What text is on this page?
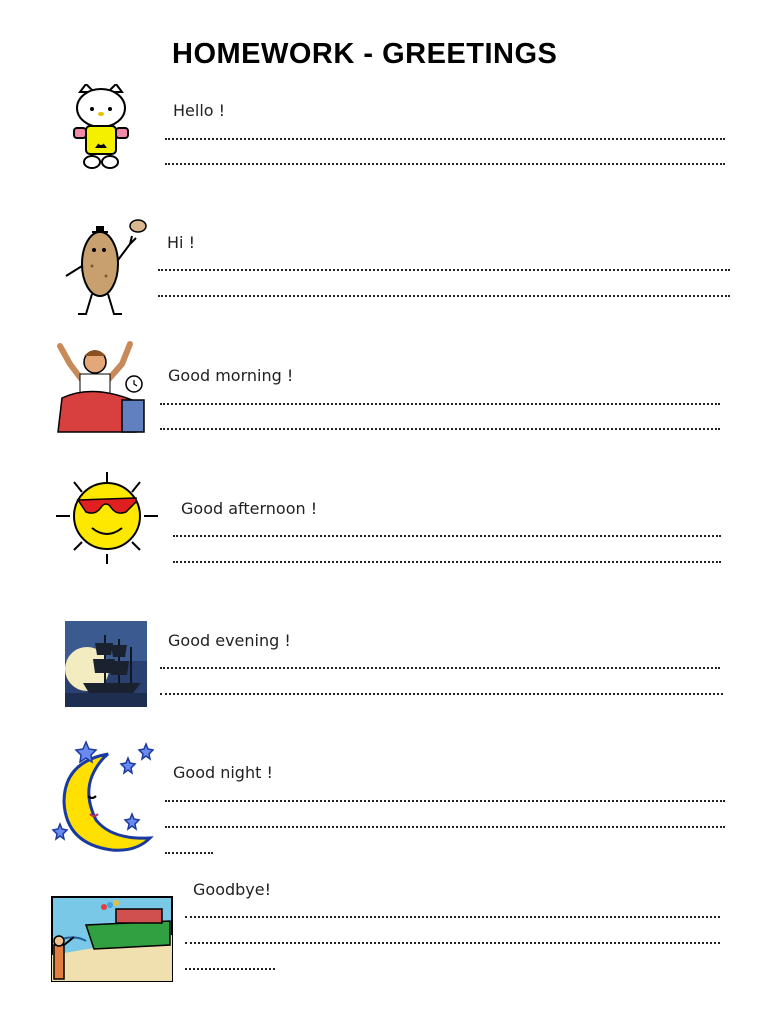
HOMEWORK - GREETINGS

Hello !

Hi !

Good morning !

Good afternoon !

Good evening !

Good night !

Goodbye!
